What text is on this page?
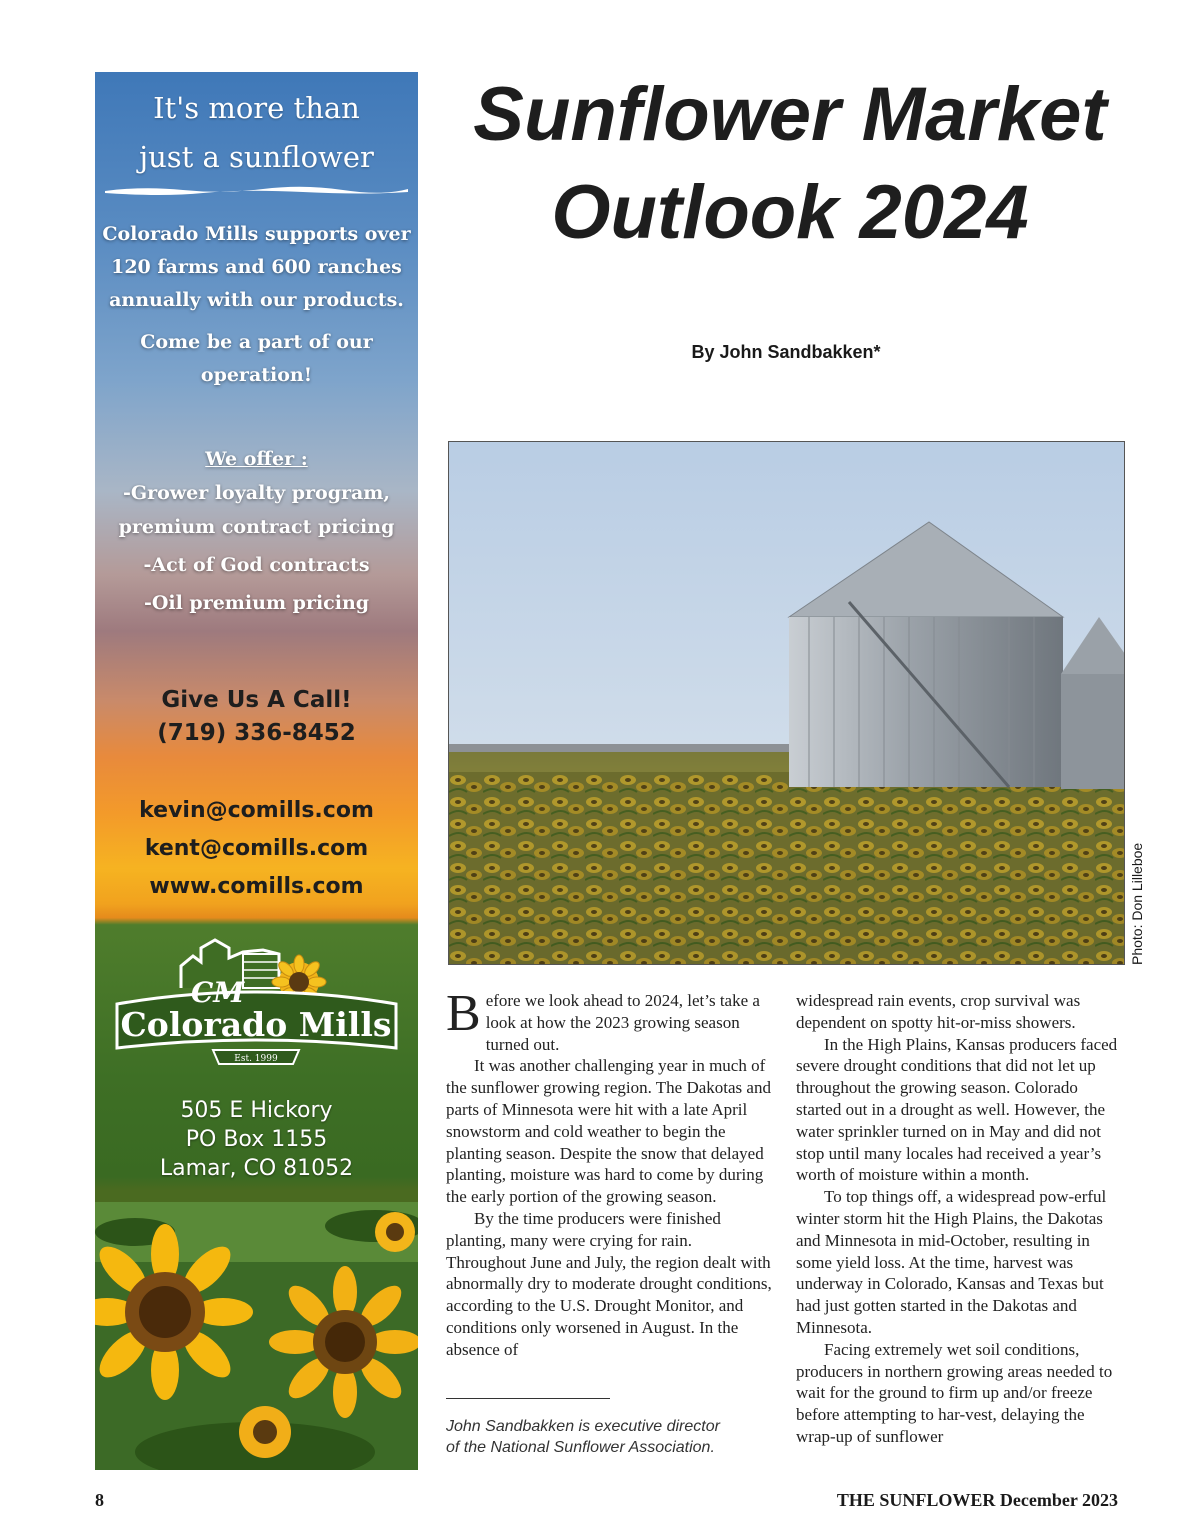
It's more than
just a sunflower
Colorado Mills supports over
120 farms and 600 ranches
annually with our products.
Come be a part of our
operation!
We offer :
-Grower loyalty program,
premium contract pricing
-Act of God contracts
-Oil premium pricing
Give Us A Call!
(719) 336-8452
kevin@comills.com
kent@comills.com
www.comills.com
CM
Colorado Mills
Est. 1999
505 E Hickory
PO Box 1155
Lamar, CO 81052
Sunflower Market
Outlook 2024
By John Sandbakken*
Photo: Don Lilleboe

Before we look ahead to 2024, let’s take a look at how the 2023 growing season turned out.

It was another challenging year in much of the sunflower growing region. The Dakotas and parts of Minnesota were hit with a late April snowstorm and cold weather to begin the planting season. Despite the snow that delayed planting, moisture was hard to come by during the early portion of the growing season.

By the time producers were finished planting, many were crying for rain. Throughout June and July, the region dealt with abnormally dry to moderate drought conditions, according to the U.S. Drought Monitor, and conditions only worsened in August. In the absence of

widespread rain events, crop survival was dependent on spotty hit-or-miss showers.

In the High Plains, Kansas producers faced severe drought conditions that did not let up throughout the growing season. Colorado started out in a drought as well. However, the water sprinkler turned on in May and did not stop until many locales had received a year’s worth of moisture within a month.

To top things off, a widespread pow-erful winter storm hit the High Plains, the Dakotas and Minnesota in mid-October, resulting in some yield loss. At the time, harvest was underway in Colorado, Kansas and Texas but had just gotten started in the Dakotas and Minnesota.

Facing extremely wet soil conditions, producers in northern growing areas needed to wait for the ground to firm up and/or freeze before attempting to har-vest, delaying the wrap-up of sunflower

John Sandbakken is executive director
of the National Sunflower Association.
8	THE SUNFLOWER December 2023
